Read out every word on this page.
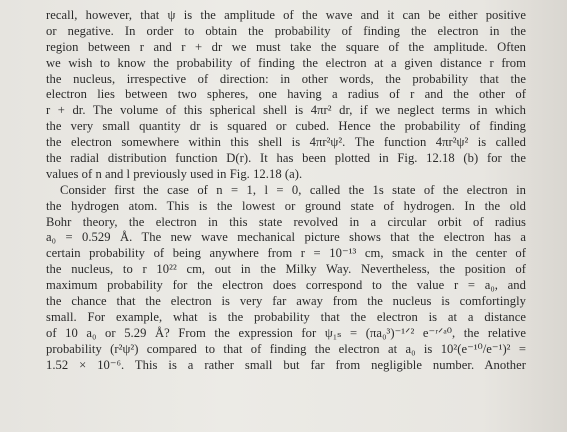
recall, however, that ψ is the amplitude of the wave and it can be either positive
or negative. In order to obtain the probability of finding the electron in the
region between r and r + dr we must take the square of the amplitude. Often
we wish to know the probability of finding the electron at a given distance r from
the nucleus, irrespective of direction: in other words, the probability that the
electron lies between two spheres, one having a radius of r and the other of
r + dr. The volume of this spherical shell is 4πr² dr, if we neglect terms in which
the very small quantity dr is squared or cubed. Hence the probability of finding
the electron somewhere within this shell is 4πr²ψ². The function 4πr²ψ² is called
the radial distribution function D(r). It has been plotted in Fig. 12.18 (b) for the
values of n and l previously used in Fig. 12.18 (a).
Consider first the case of n = 1, l = 0, called the 1s state of the electron in
the hydrogen atom. This is the lowest or ground state of hydrogen. In the old
Bohr theory, the electron in this state revolved in a circular orbit of radius
a₀ = 0.529 Å. The new wave mechanical picture shows that the electron has a
certain probability of being anywhere from r = 10⁻¹³ cm, smack in the center of
the nucleus, to r 10²² cm, out in the Milky Way. Nevertheless, the position of
maximum probability for the electron does correspond to the value r = a₀, and
the chance that the electron is very far away from the nucleus is comfortingly
small. For example, what is the probability that the electron is at a distance
of 10 a₀ or 5.29 Å? From the expression for ψ₁ₛ = (πa₀³)⁻¹ᐟ² e⁻ʳᐟᵃ⁰, the relative
probability (r²ψ²) compared to that of finding the electron at a₀ is 10²(e⁻¹⁰/e⁻¹)² =
1.52 × 10⁻⁶. This is a rather small but far from negligible number. Another
